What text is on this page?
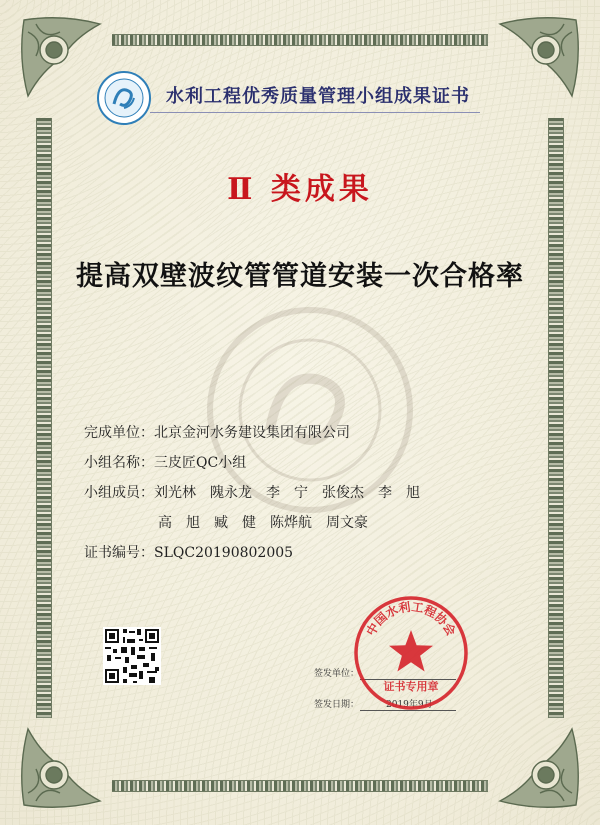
水利工程优秀质量管理小组成果证书
Ⅱ 类成果
提高双壁波纹管管道安装一次合格率
完成单位：北京金河水务建设集团有限公司
小组名称：三皮匠QC小组
小组成员：刘光林　隗永龙　李　宁　张俊杰　李　旭
高　旭　臧　健　陈烨航　周文豪
证书编号：SLQC20190802005
签发单位：
签发日期：	2019年9月
中国水利工程协会
证书专用章
